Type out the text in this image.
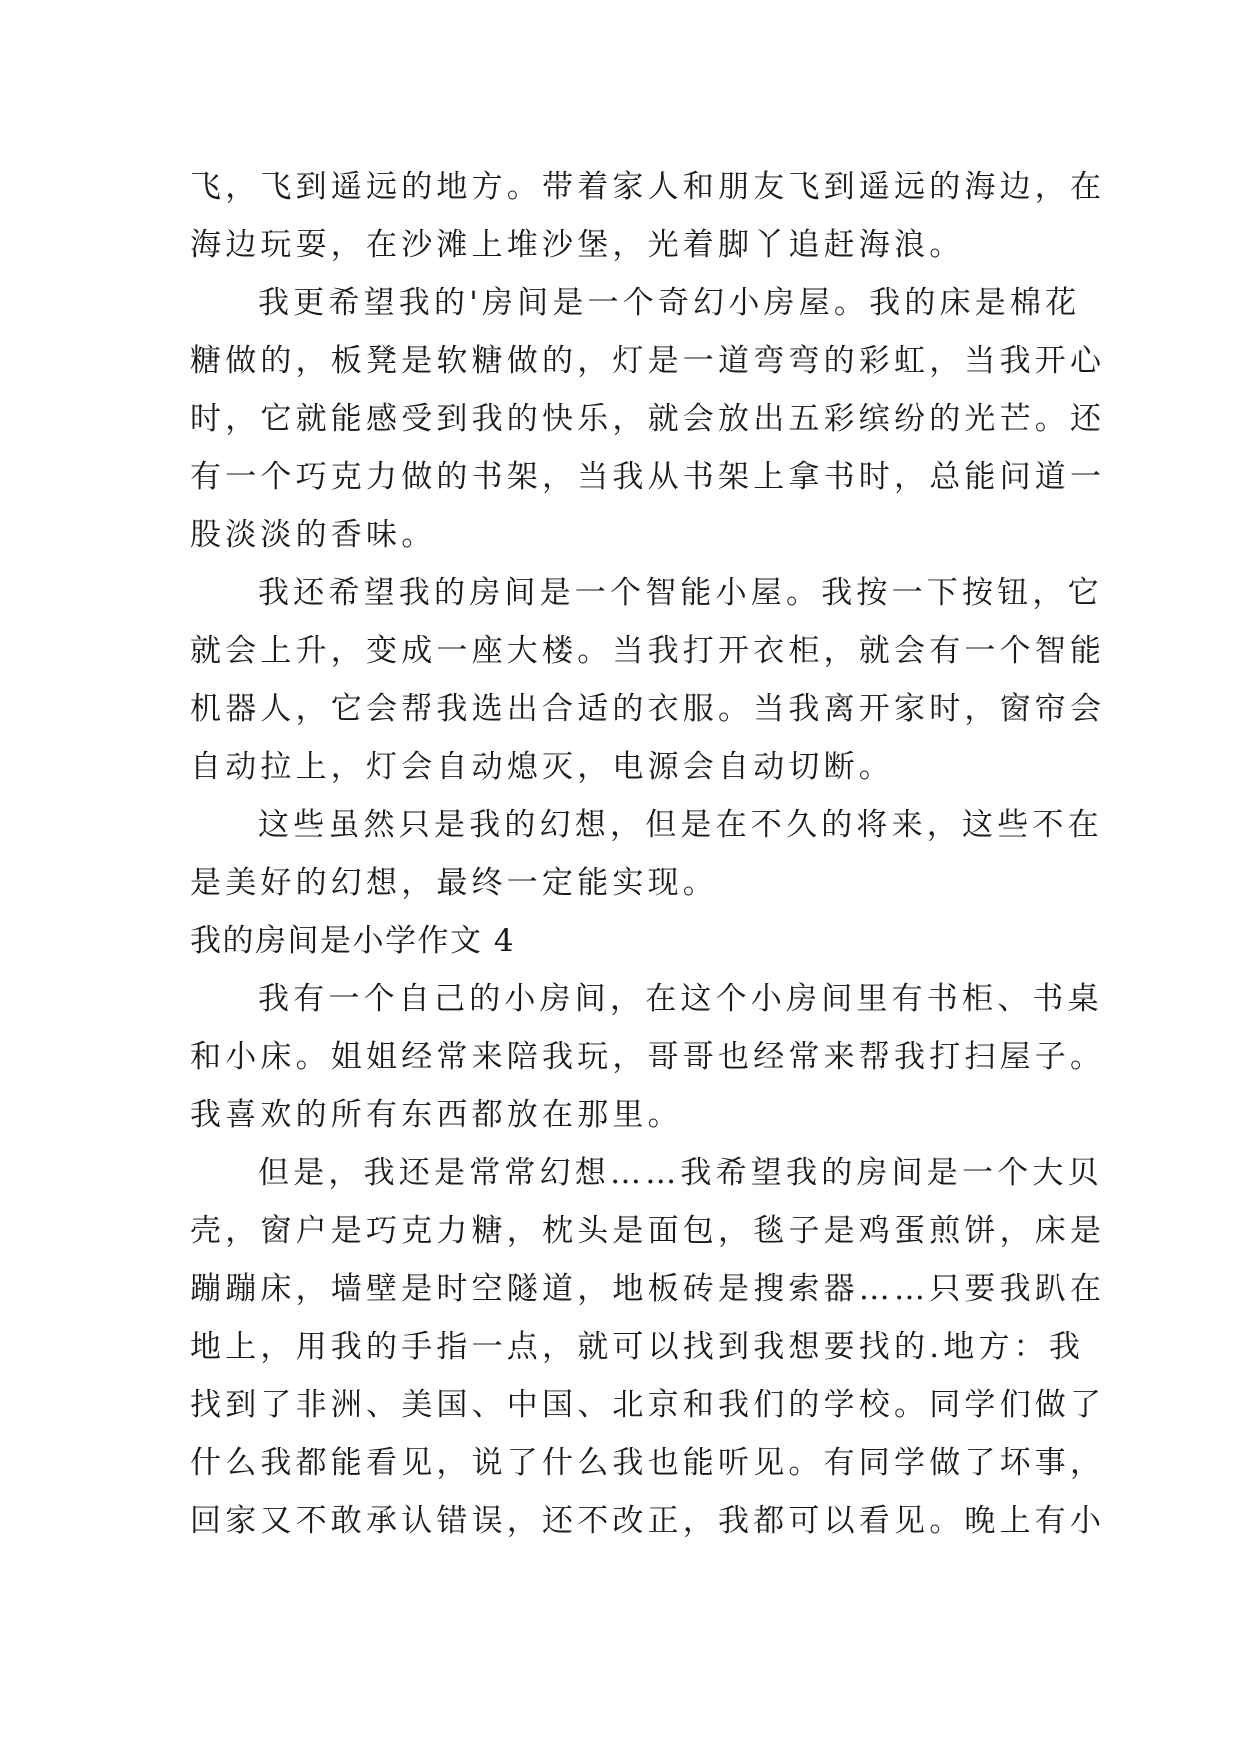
飞，飞到遥远的地方。带着家人和朋友飞到遥远的海边，在
海边玩耍，在沙滩上堆沙堡，光着脚丫追赶海浪。
我更希望我的'房间是一个奇幻小房屋。我的床是棉花
糖做的，板凳是软糖做的，灯是一道弯弯的彩虹，当我开心
时，它就能感受到我的快乐，就会放出五彩缤纷的光芒。还
有一个巧克力做的书架，当我从书架上拿书时，总能问道一
股淡淡的香味。
我还希望我的房间是一个智能小屋。我按一下按钮，它
就会上升，变成一座大楼。当我打开衣柜，就会有一个智能
机器人，它会帮我选出合适的衣服。当我离开家时，窗帘会
自动拉上，灯会自动熄灭，电源会自动切断。
这些虽然只是我的幻想，但是在不久的将来，这些不在
是美好的幻想，最终一定能实现。
我的房间是小学作文 4
我有一个自己的小房间，在这个小房间里有书柜、书桌
和小床。姐姐经常来陪我玩，哥哥也经常来帮我打扫屋子。
我喜欢的所有东西都放在那里。
但是，我还是常常幻想……我希望我的房间是一个大贝
壳，窗户是巧克力糖，枕头是面包，毯子是鸡蛋煎饼，床是
蹦蹦床，墙壁是时空隧道，地板砖是搜索器……只要我趴在
地上，用我的手指一点，就可以找到我想要找的.地方：我
找到了非洲、美国、中国、北京和我们的学校。同学们做了
什么我都能看见，说了什么我也能听见。有同学做了坏事，
回家又不敢承认错误，还不改正，我都可以看见。晚上有小
